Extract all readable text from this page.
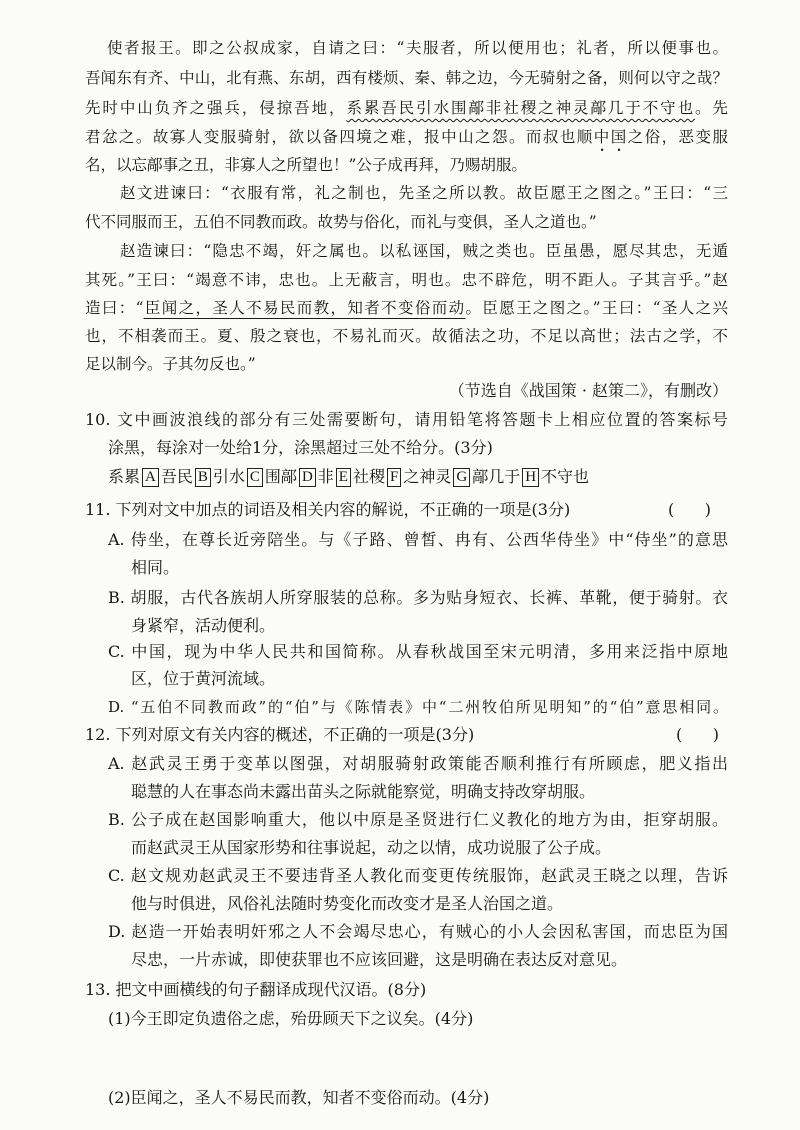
使者报王。即之公叔成家，自请之曰：“夫服者，所以便用也；礼者，所以便事也。
吾闻东有齐、中山，北有燕、东胡，西有楼烦、秦、韩之边，今无骑射之备，则何以守之哉？
先时中山负齐之强兵，侵掠吾地，系累吾民引水围鄗非社稷之神灵鄗几于不守也。先
君忿之。故寡人变服骑射，欲以备四境之难，报中山之怨。而叔也顺中国之俗，恶变服
名，以忘鄗事之丑，非寡人之所望也！”公子成再拜，乃赐胡服。
赵文进谏曰：“衣服有常，礼之制也，先圣之所以教。故臣愿王之图之。”王曰：“三
代不同服而王，五伯不同教而政。故势与俗化，而礼与变俱，圣人之道也。”
赵造谏曰：“隐忠不竭，奸之属也。以私诬国，贼之类也。臣虽愚，愿尽其忠，无遁
其死。”王曰：“竭意不讳，忠也。上无蔽言，明也。忠不辟危，明不距人。子其言乎。”赵
造曰：“臣闻之，圣人不易民而教，知者不变俗而动。臣愿王之图之。”王曰：“圣人之兴
也，不相袭而王。夏、殷之衰也，不易礼而灭。故循法之功，不足以高世；法古之学，不
足以制今。子其勿反也。”
（节选自《战国策 · 赵策二》，有删改）
10. 文中画波浪线的部分有三处需要断句，请用铅笔将答题卡上相应位置的答案标号
涂黑，每涂对一处给1分，涂黑超过三处不给分。(3分)
系累 A 吾民 B 引水 C 围鄗 D 非 E 社稷 F 之神灵 G 鄗几于 H 不守也
11. 下列对文中加点的词语及相关内容的解说，不正确的一项是(3分)	(      )
A. 侍坐，在尊长近旁陪坐。与《子路、曾皙、冉有、公西华侍坐》中“侍坐”的意思
相同。
B. 胡服，古代各族胡人所穿服装的总称。多为贴身短衣、长裤、革靴，便于骑射。衣
身紧窄，活动便利。
C. 中国，现为中华人民共和国简称。从春秋战国至宋元明清，多用来泛指中原地
区，位于黄河流域。
D. “五伯不同教而政”的“伯”与《陈情表》中“二州牧伯所见明知”的“伯”意思相同。
12. 下列对原文有关内容的概述，不正确的一项是(3分)	(      )
A. 赵武灵王勇于变革以图强，对胡服骑射政策能否顺利推行有所顾虑，肥义指出
聪慧的人在事态尚未露出苗头之际就能察觉，明确支持改穿胡服。
B. 公子成在赵国影响重大，他以中原是圣贤进行仁义教化的地方为由，拒穿胡服。
而赵武灵王从国家形势和往事说起，动之以情，成功说服了公子成。
C. 赵文规劝赵武灵王不要违背圣人教化而变更传统服饰，赵武灵王晓之以理，告诉
他与时俱进，风俗礼法随时势变化而改变才是圣人治国之道。
D. 赵造一开始表明奸邪之人不会竭尽忠心，有贼心的小人会因私害国，而忠臣为国
尽忠，一片赤诚，即使获罪也不应该回避，这是明确在表达反对意见。
13. 把文中画横线的句子翻译成现代汉语。(8分)
(1)今王即定负遗俗之虑，殆毋顾天下之议矣。(4分)
(2)臣闻之，圣人不易民而教，知者不变俗而动。(4分)
